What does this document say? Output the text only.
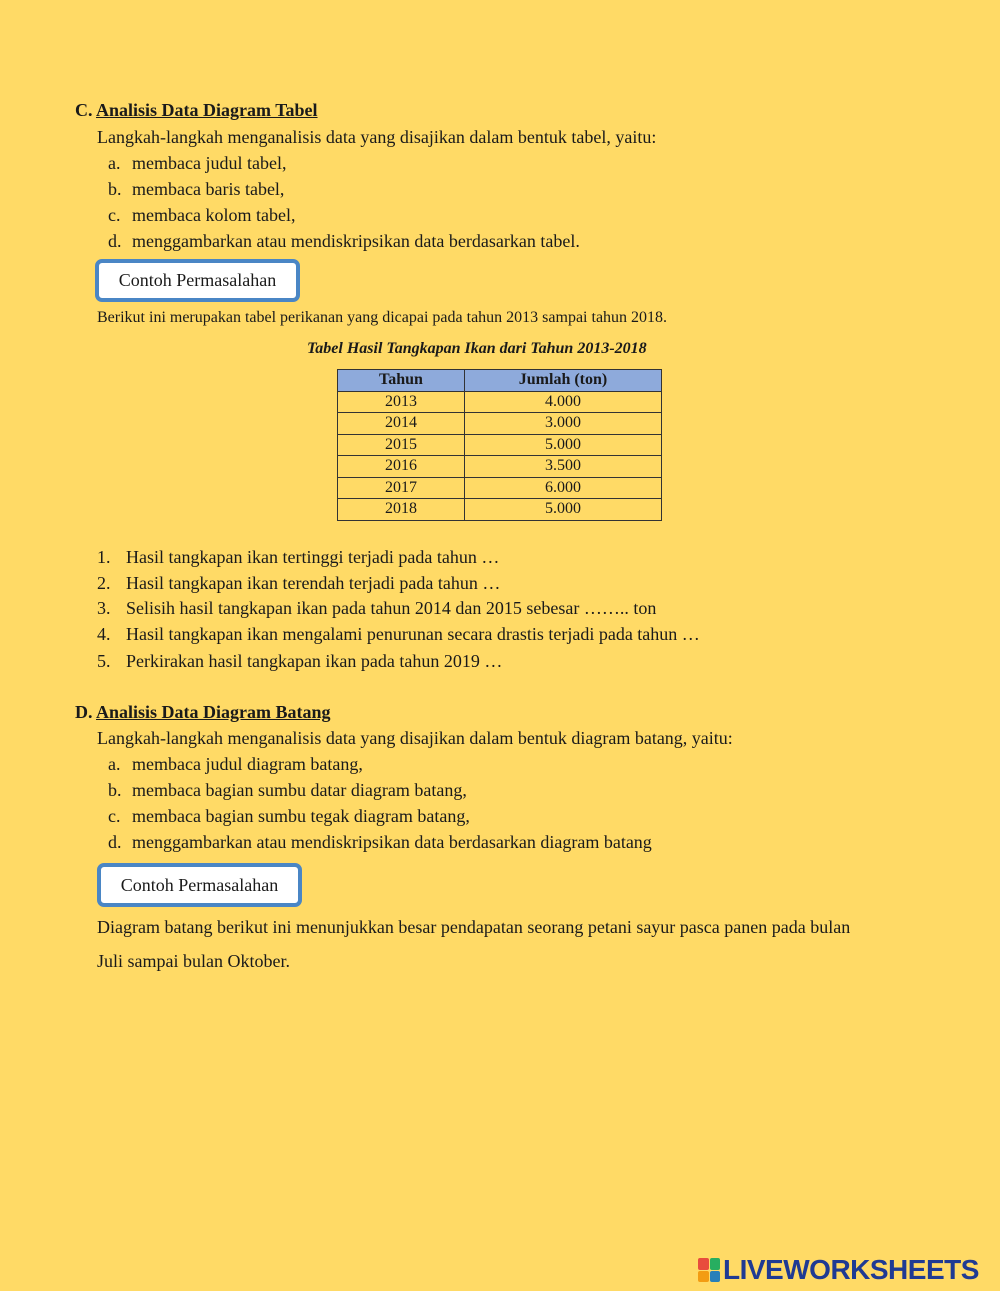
C. Analisis Data Diagram Tabel
Langkah-langkah menganalisis data yang disajikan dalam bentuk tabel, yaitu:
a. membaca judul tabel,
b. membaca baris tabel,
c. membaca kolom tabel,
d. menggambarkan atau mendiskripsikan data berdasarkan tabel.
Contoh Permasalahan
Berikut ini merupakan tabel perikanan yang dicapai pada tahun 2013 sampai tahun 2018.
Tabel Hasil Tangkapan Ikan dari Tahun 2013-2018
Tahun	Jumlah (ton)
2013	4.000
2014	3.000
2015	5.000
2016	3.500
2017	6.000
2018	5.000
1. Hasil tangkapan ikan tertinggi terjadi pada tahun …
2. Hasil tangkapan ikan terendah terjadi pada tahun …
3. Selisih hasil tangkapan ikan pada tahun 2014 dan 2015 sebesar …….. ton
4. Hasil tangkapan ikan mengalami penurunan secara drastis terjadi pada tahun …
5. Perkirakan hasil tangkapan ikan pada tahun 2019 …
D. Analisis Data Diagram Batang
Langkah-langkah menganalisis data yang disajikan dalam bentuk diagram batang, yaitu:
a. membaca judul diagram batang,
b. membaca bagian sumbu datar diagram batang,
c. membaca bagian sumbu tegak diagram batang,
d. menggambarkan atau mendiskripsikan data berdasarkan diagram batang
Contoh Permasalahan
Diagram batang berikut ini menunjukkan besar pendapatan seorang petani sayur pasca panen pada bulan
Juli sampai bulan Oktober.
LIVEWORKSHEETS
